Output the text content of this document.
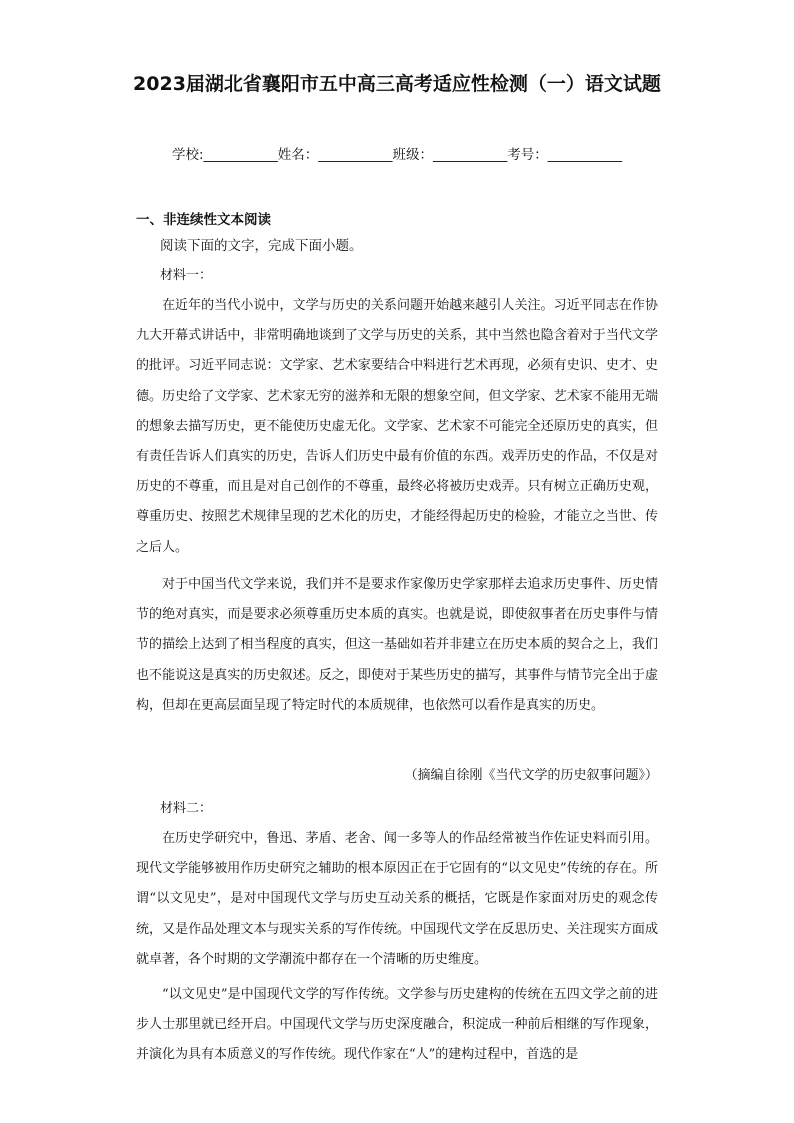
2023届湖北省襄阳市五中高三高考适应性检测（一）语文试题
学校:___________姓名：___________班级：___________考号：___________
一、非连续性文本阅读
阅读下面的文字，完成下面小题。
材料一：

在近年的当代小说中，文学与历史的关系问题开始越来越引人关注。习近平同志在作协九大开幕式讲话中，非常明确地谈到了文学与历史的关系，其中当然也隐含着对于当代文学的批评。习近平同志说：文学家、艺术家要结合中料进行艺术再现，必须有史识、史才、史德。历史给了文学家、艺术家无穷的滋养和无限的想象空间，但文学家、艺术家不能用无端的想象去描写历史，更不能使历史虚无化。文学家、艺术家不可能完全还原历史的真实，但有责任告诉人们真实的历史，告诉人们历史中最有价值的东西。戏弄历史的作品，不仅是对历史的不尊重，而且是对自己创作的不尊重，最终必将被历史戏弄。只有树立正确历史观，尊重历史、按照艺术规律呈现的艺术化的历史，才能经得起历史的检验，才能立之当世、传之后人。

对于中国当代文学来说，我们并不是要求作家像历史学家那样去追求历史事件、历史情节的绝对真实，而是要求必须尊重历史本质的真实。也就是说，即使叙事者在历史事件与情节的描绘上达到了相当程度的真实，但这一基础如若并非建立在历史本质的契合之上，我们也不能说这是真实的历史叙述。反之，即使对于某些历史的描写，其事件与情节完全出于虚构，但却在更高层面呈现了特定时代的本质规律，也依然可以看作是真实的历史。

（摘编自徐刚《当代文学的历史叙事问题》）
材料二：

在历史学研究中，鲁迅、茅盾、老舍、闻一多等人的作品经常被当作佐证史料而引用。现代文学能够被用作历史研究之辅助的根本原因正在于它固有的“以文见史”传统的存在。所谓“以文见史”，是对中国现代文学与历史互动关系的概括，它既是作家面对历史的观念传统，又是作品处理文本与现实关系的写作传统。中国现代文学在反思历史、关注现实方面成就卓著，各个时期的文学潮流中都存在一个清晰的历史维度。

“以文见史”是中国现代文学的写作传统。文学参与历史建构的传统在五四文学之前的进步人士那里就已经开启。中国现代文学与历史深度融合，积淀成一种前后相继的写作现象，并演化为具有本质意义的写作传统。现代作家在“人”的建构过程中，首选的是
